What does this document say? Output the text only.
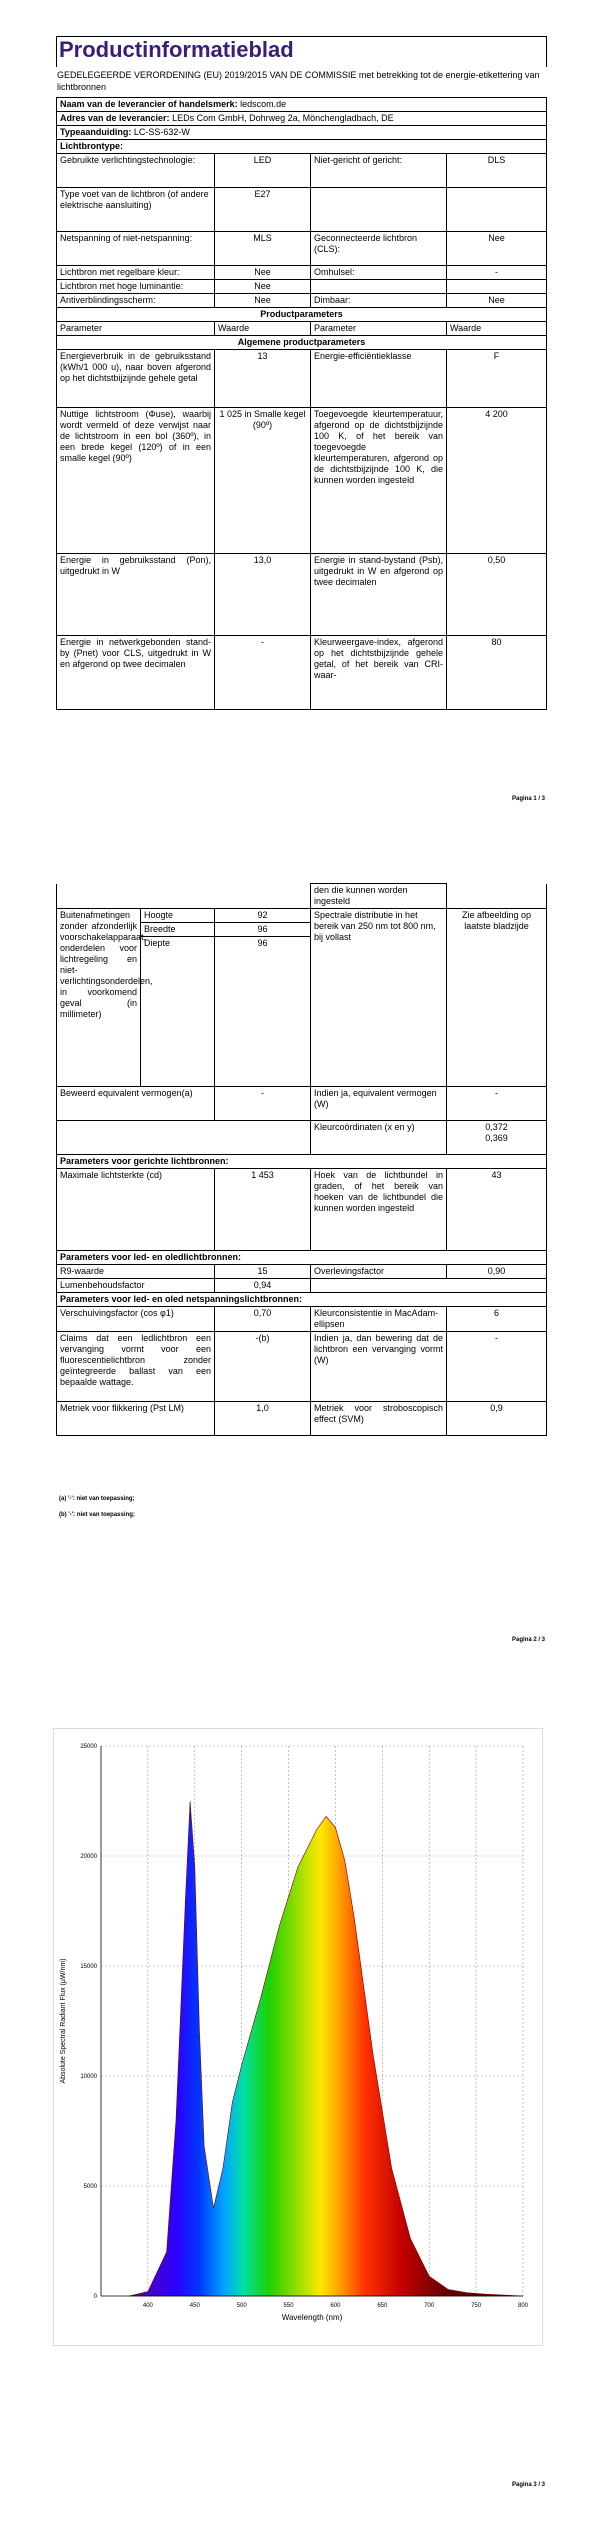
Productinformatieblad
GEDELEGEERDE VERORDENING (EU) 2019/2015 VAN DE COMMISSIE met betrekking tot de energie-etikettering van lichtbronnen
Naam van de leverancier of handelsmerk: ledscom.de			
Adres van de leverancier: LEDs Com GmbH, Dohrweg 2a, Mönchengladbach, DE			
Typeaanduiding: LC-SS-632-W			
Lichtbrontype:			
Gebruikte verlichtingstechnologie:	LED	Niet-gericht of gericht:	DLS
Type voet van de lichtbron (of andere elektrische aansluiting)	E27		
Netspanning of niet-netspanning:	MLS	Geconnecteerde lichtbron (CLS):	Nee
Lichtbron met regelbare kleur:	Nee	Omhulsel:	-
Lichtbron met hoge luminantie:	Nee		
Antiverblindingsscherm:	Nee	Dimbaar:	Nee
Productparameters			
Parameter	Waarde	Parameter	Waarde
Algemene productparameters			
Energieverbruik in de gebruiksstand (kWh/1 000 u), naar boven afgerond op het dichtstbijzijnde gehele getal	13	Energie-efficiëntieklasse	F
Nuttige lichtstroom (Φuse), waarbij wordt vermeld of deze verwijst naar de lichtstroom in een bol (360º), in een brede kegel (120º) of in een smalle kegel (90º)	1 025 in Smalle kegel (90º)	Toegevoegde kleurtemperatuur, afgerond op de dichtstbijzijnde 100 K, of het bereik van toegevoegde kleurtemperaturen, afgerond op de dichtstbijzijnde 100 K, die kunnen worden ingesteld	4 200
Energie in gebruiksstand (Pon), uitgedrukt in W	13,0	Energie in stand-bystand (Psb), uitgedrukt in W en afgerond op twee decimalen	0,50
Energie in netwerkgebonden stand-by (Pnet) voor CLS, uitgedrukt in W en afgerond op twee decimalen	-	Kleurweergave-index, afgerond op het dichtstbijzijnde gehele getal, of het bereik van CRI-waar-	80
Pagina 1 / 3
			den die kunnen worden ingesteld	
Buitenafmetingen zonder afzonderlijk voorschakelapparaat, onderdelen voor lichtregeling en niet-verlichtingsonderdelen, in voorkomend geval (in millimeter)	Hoogte	92	Spectrale distributie in het bereik van 250 nm tot 800 nm, bij vollast	Zie afbeelding op laatste bladzijde
	Breedte	96		
	Diepte	96		
Beweerd equivalent vermogen(a)		-	Indien ja, equivalent vermogen (W)	-
			Kleurcoördinaten (x en y)	0,372
0,369

Parameters voor gerichte lichtbronnen:				
Maximale lichtsterkte (cd)		1 453	Hoek van de lichtbundel in graden, of het bereik van hoeken van de lichtbundel die kunnen worden ingesteld	43
Parameters voor led- en oledlichtbronnen:				
R9-waarde		15	Overlevingsfactor	0,90
Lumenbehoudsfactor		0,94		
Parameters voor led- en oled netspanningslichtbronnen:				
Verschuivingsfactor (cos φ1)		0,70	Kleurconsistentie in MacAdam-ellipsen	6
Claims dat een ledlichtbron een vervanging vormt voor een fluorescentielichtbron zonder geïntegreerde ballast van een bepaalde wattage.		-(b)	Indien ja, dan bewering dat de lichtbron een vervanging vormt (W)	-
Metriek voor flikkering (Pst LM)		1,0	Metriek voor stroboscopisch effect (SVM)	0,9
(a) '-': niet van toepassing;
(b) '-': niet van toepassing;
Pagina 2 / 3
0
5000
10000
15000
20000
25000
400	450	500	550	600	650	700	750	800
Wavelength (nm)
Absolute Spectral Radiant Flux (µW/nm)
Pagina 3 / 3
